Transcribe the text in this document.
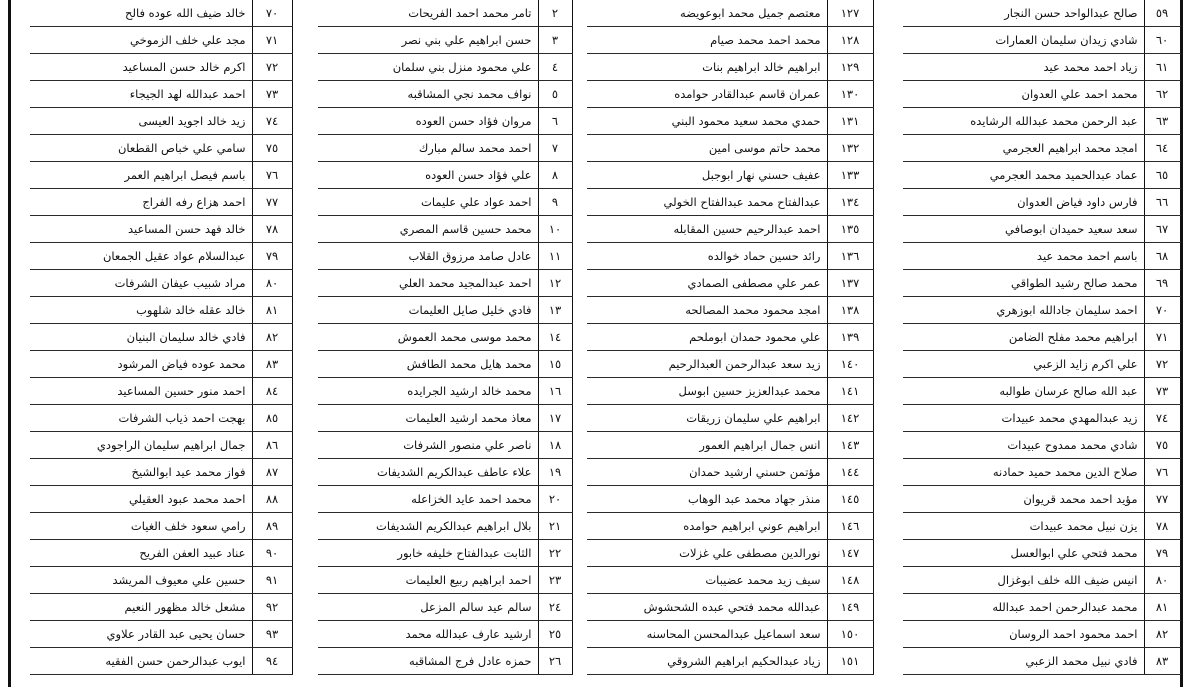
٥٩	صالح عبدالواحد حسن النجار
٦٠	شادي زيدان سليمان العمارات
٦١	زياد احمد محمد عيد
٦٢	محمد احمد علي العدوان
٦٣	عبد الرحمن محمد عبدالله الرشايده
٦٤	امجد محمد ابراهيم العجرمي
٦٥	عماد عبدالحميد محمد العجرمي
٦٦	فارس داود فياض العدوان
٦٧	سعد سعيد حميدان ابوصافي
٦٨	باسم احمد محمد عيد
٦٩	محمد صالح رشيد الطواقي
٧٠	احمد سليمان جادالله ابوزهري
٧١	ابراهيم محمد مفلح الضامن
٧٢	علي اكرم زايد الزعبي
٧٣	عبد الله صالح عرسان طوالبه
٧٤	زيد عبدالمهدي محمد عبيدات
٧٥	شادي محمد ممدوح عبيدات
٧٦	صلاح الدين محمد حميد حمادنه
٧٧	مؤيد احمد محمد قريوان
٧٨	يزن نبيل محمد عبيدات
٧٩	محمد فتحي علي ابوالعسل
٨٠	انيس ضيف الله خلف ابوغزال
٨١	محمد عبدالرحمن احمد عبدالله
٨٢	احمد محمود احمد الروسان
٨٣	فادي نبيل محمد الزعبي
١٢٧	معتصم جميل محمد ابوعويضه
١٢٨	محمد احمد محمد صيام
١٢٩	ابراهيم خالد ابراهيم بنات
١٣٠	عمران قاسم عبدالقادر حوامده
١٣١	حمدي محمد سعيد محمود البني
١٣٢	محمد حاتم موسى امين
١٣٣	عفيف حسني نهار ابوجبل
١٣٤	عبدالفتاح محمد عبدالفتاح الخولي
١٣٥	احمد عبدالرحيم حسين المقابله
١٣٦	رائد حسين حماد خوالده
١٣٧	عمر علي مصطفى الصمادي
١٣٨	امجد محمود محمد المصالحه
١٣٩	علي محمود حمدان ابوملحم
١٤٠	زيد سعد عبدالرحمن العبدالرحيم
١٤١	محمد عبدالعزيز حسين ابوسل
١٤٢	ابراهيم علي سليمان زريقات
١٤٣	انس جمال ابراهيم العمور
١٤٤	مؤتمن حسني ارشيد حمدان
١٤٥	منذر جهاد محمد عبد الوهاب
١٤٦	ابراهيم عوني ابراهيم حوامده
١٤٧	نورالدين مصطفى علي غزلات
١٤٨	سيف زيد محمد عضيبات
١٤٩	عبدالله محمد فتحي عبده الشحشوش
١٥٠	سعد اسماعيل عبدالمحسن المحاسنه
١٥١	زياد عبدالحكيم ابراهيم الشروقي
٢	تامر محمد احمد الفريحات
٣	حسن ابراهيم علي بني نصر
٤	علي محمود منزل بني سلمان
٥	نواف محمد نجي المشاقبه
٦	مروان فؤاد حسن العوده
٧	احمد محمد سالم مبارك
٨	علي فؤاد حسن العوده
٩	احمد عواد علي عليمات
١٠	محمد حسين قاسم المصري
١١	عادل صامد مرزوق القلاب
١٢	احمد عبدالمجيد محمد العلي
١٣	فادي خليل صايل العليمات
١٤	محمد موسى محمد العموش
١٥	محمد هايل محمد الطافش
١٦	محمد خالد ارشيد الجرايده
١٧	معاذ محمد ارشيد العليمات
١٨	ناصر علي منصور الشرفات
١٩	علاء عاطف عبدالكريم الشديفات
٢٠	محمد احمد عايد الخزاعله
٢١	بلال ابراهيم عبدالكريم الشديفات
٢٢	الثابت عبدالفتاح خليفه خابور
٢٣	احمد ابراهيم ربيع العليمات
٢٤	سالم عيد سالم المزعل
٢٥	ارشيد عارف عبدالله محمد
٢٦	حمزه عادل فرج المشاقبه
٧٠	خالد ضيف الله عوده فالح
٧١	مجد علي خلف الزموخي
٧٢	اكرم خالد حسن المساعيد
٧٣	احمد عبدالله لهد الجيجاء
٧٤	زيد خالد اجويد العيسى
٧٥	سامي علي خباص القطعان
٧٦	باسم فيصل ابراهيم العمر
٧٧	احمد هزاع رفه الفراج
٧٨	خالد فهد حسن المساعيد
٧٩	عبدالسلام عواد عقيل الجمعان
٨٠	مراد شبيب عيفان الشرفات
٨١	خالد عقله خالد شلهوب
٨٢	فادي خالد سليمان البنيان
٨٣	محمد عوده فياض المرشود
٨٤	احمد منور حسين المساعيد
٨٥	بهجت احمد ذياب الشرفات
٨٦	جمال ابراهيم سليمان الراجودي
٨٧	فواز محمد عيد ابوالشيخ
٨٨	احمد محمد عبود العقيلي
٨٩	رامي سعود خلف الغيات
٩٠	عناد عبيد العفن الفريح
٩١	حسين علي معيوف المريشد
٩٢	مشعل خالد مظهور النعيم
٩٣	حسان يحيى عبد القادر علاوي
٩٤	ايوب عبدالرحمن حسن الفقيه
